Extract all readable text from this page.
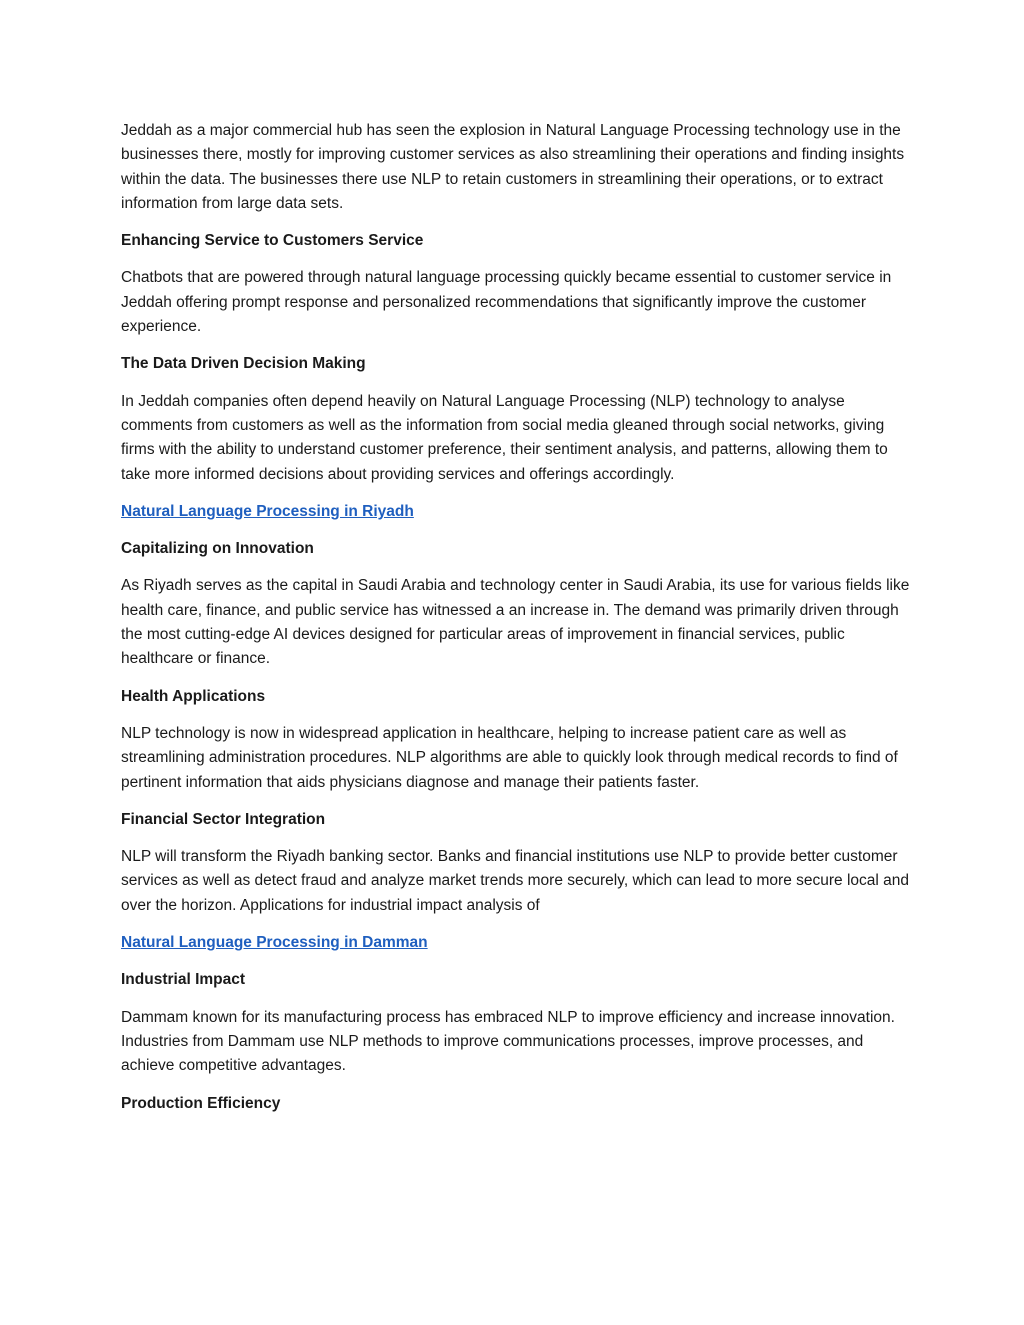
Jeddah as a major commercial hub has seen the explosion in Natural Language Processing technology use in the businesses there, mostly for improving customer services as also streamlining their operations and finding insights within the data. The businesses there use NLP to retain customers in streamlining their operations, or to extract information from large data sets.

Enhancing Service to Customers Service

Chatbots that are powered through natural language processing quickly became essential to customer service in Jeddah offering prompt response and personalized recommendations that significantly improve the customer experience.

The Data Driven Decision Making

In Jeddah companies often depend heavily on Natural Language Processing (NLP) technology to analyse comments from customers as well as the information from social media gleaned through social networks, giving firms with the ability to understand customer preference, their sentiment analysis, and patterns, allowing them to take more informed decisions about providing services and offerings accordingly.

Natural Language Processing in Riyadh

Capitalizing on Innovation

As Riyadh serves as the capital in Saudi Arabia and technology center in Saudi Arabia, its use for various fields like health care, finance, and public service has witnessed a an increase in. The demand was primarily driven through the most cutting-edge AI devices designed for particular areas of improvement in financial services, public healthcare or finance.

Health Applications

NLP technology is now in widespread application in healthcare, helping to increase patient care as well as streamlining administration procedures. NLP algorithms are able to quickly look through medical records to find of pertinent information that aids physicians diagnose and manage their patients faster.

Financial Sector Integration

NLP will transform the Riyadh banking sector. Banks and financial institutions use NLP to provide better customer services as well as detect fraud and analyze market trends more securely, which can lead to more secure local and over the horizon. Applications for industrial impact analysis of

Natural Language Processing in Damman

Industrial Impact

Dammam known for its manufacturing process has embraced NLP to improve efficiency and increase innovation. Industries from Dammam use NLP methods to improve communications processes, improve processes, and achieve competitive advantages.

Production Efficiency
